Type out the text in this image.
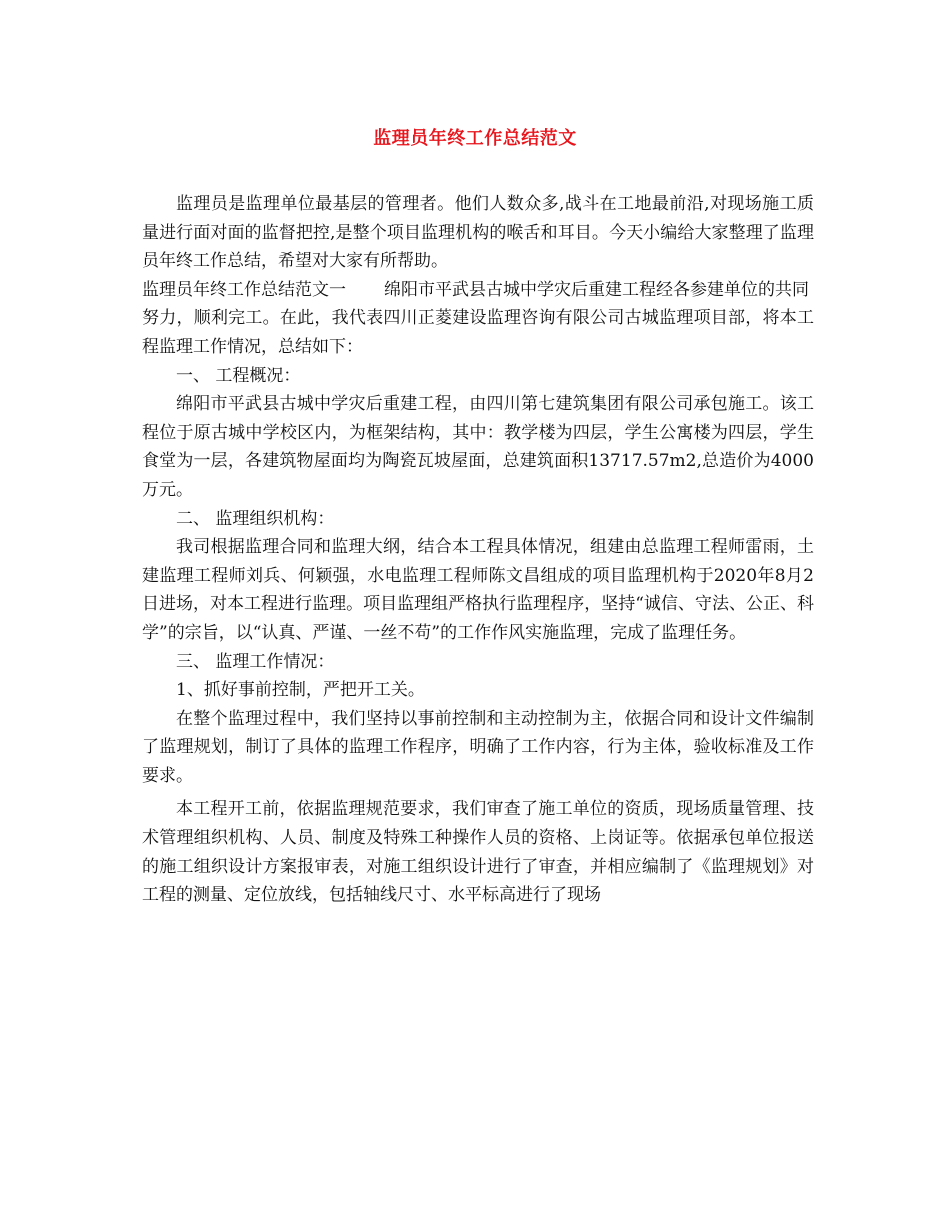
监理员年终工作总结范文

监理员是监理单位最基层的管理者。他们人数众多,战斗在工地最前沿,对现场施工质量进行面对面的监督把控,是整个项目监理机构的喉舌和耳目。今天小编给大家整理了监理员年终工作总结，希望对大家有所帮助。

监理员年终工作总结范文一 绵阳市平武县古城中学灾后重建工程经各参建单位的共同

努力，顺利完工。在此，我代表四川正菱建设监理咨询有限公司古城监理项目部，将本工程监理工作情况，总结如下：

一、 工程概况：

绵阳市平武县古城中学灾后重建工程，由四川第七建筑集团有限公司承包施工。该工程位于原古城中学校区内，为框架结构，其中：教学楼为四层，学生公寓楼为四层，学生食堂为一层，各建筑物屋面均为陶瓷瓦坡屋面，总建筑面积13717.57m2,总造价为4000万元。

二、 监理组织机构：

我司根据监理合同和监理大纲，结合本工程具体情况，组建由总监理工程师雷雨，土建监理工程师刘兵、何颖强，水电监理工程师陈文昌组成的项目监理机构于2020年8月2日进场，对本工程进行监理。项目监理组严格执行监理程序，坚持“诚信、守法、公正、科学”的宗旨，以“认真、严谨、一丝不苟”的工作作风实施监理，完成了监理任务。

三、 监理工作情况：

1、抓好事前控制，严把开工关。

在整个监理过程中，我们坚持以事前控制和主动控制为主，依据合同和设计文件编制了监理规划，制订了具体的监理工作程序，明确了工作内容，行为主体，验收标准及工作要求。

本工程开工前，依据监理规范要求，我们审查了施工单位的资质，现场质量管理、技术管理组织机构、人员、制度及特殊工种操作人员的资格、上岗证等。依据承包单位报送的施工组织设计方案报审表，对施工组织设计进行了审查，并相应编制了《监理规划》对工程的测量、定位放线，包括轴线尺寸、水平标高进行了现场
